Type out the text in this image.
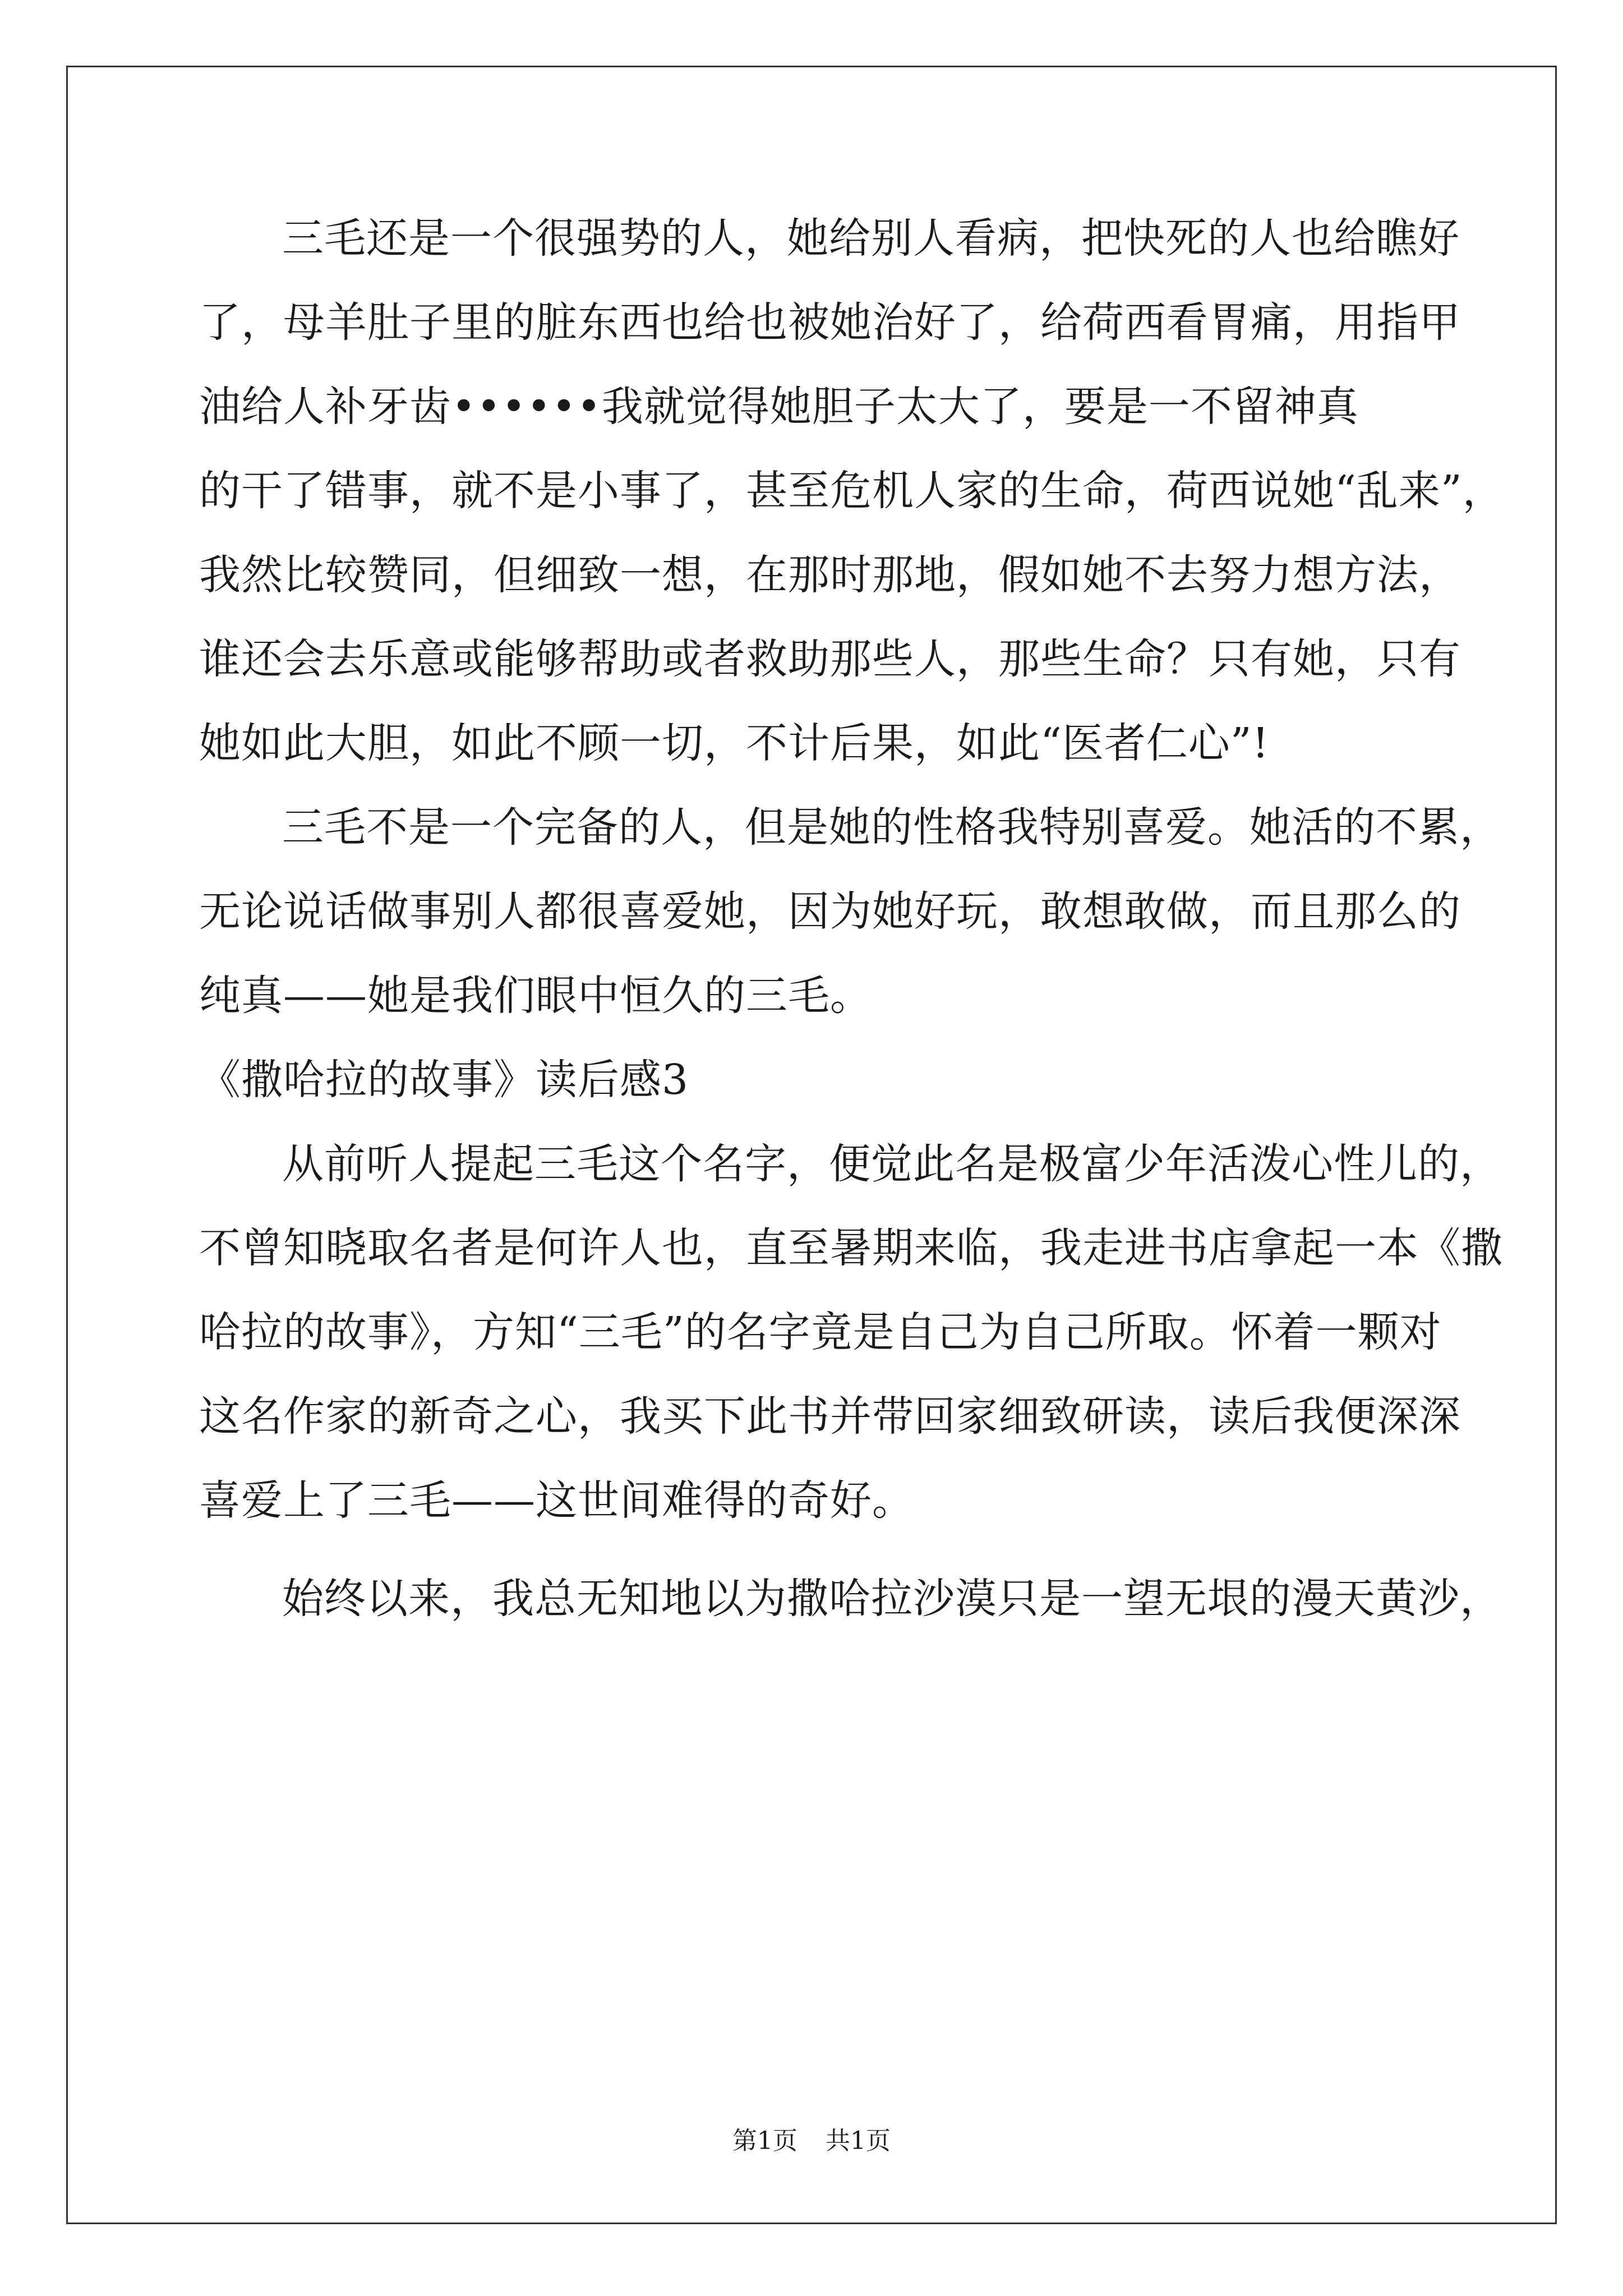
三毛还是一个很强势的人，她给别人看病，把快死的人也给瞧好
了，母羊肚子里的脏东西也给也被她治好了，给荷西看胃痛，用指甲
油给人补牙齿••••••我就觉得她胆子太大了，要是一不留神真
的干了错事，就不是小事了，甚至危机人家的生命，荷西说她“乱来”，
我然比较赞同，但细致一想，在那时那地，假如她不去努力想方法，
谁还会去乐意或能够帮助或者救助那些人，那些生命？只有她，只有
她如此大胆，如此不顾一切，不计后果，如此“医者仁心”!
三毛不是一个完备的人，但是她的性格我特别喜爱。她活的不累，
无论说话做事别人都很喜爱她，因为她好玩，敢想敢做，而且那么的
纯真——她是我们眼中恒久的三毛。
《撒哈拉的故事》读后感3
从前听人提起三毛这个名字，便觉此名是极富少年活泼心性儿的，
不曾知晓取名者是何许人也，直至暑期来临，我走进书店拿起一本《撒
哈拉的故事》，方知“三毛”的名字竟是自己为自己所取。怀着一颗对
这名作家的新奇之心，我买下此书并带回家细致研读，读后我便深深
喜爱上了三毛——这世间难得的奇好。
始终以来，我总无知地以为撒哈拉沙漠只是一望无垠的漫天黄沙，
第1页 共1页
